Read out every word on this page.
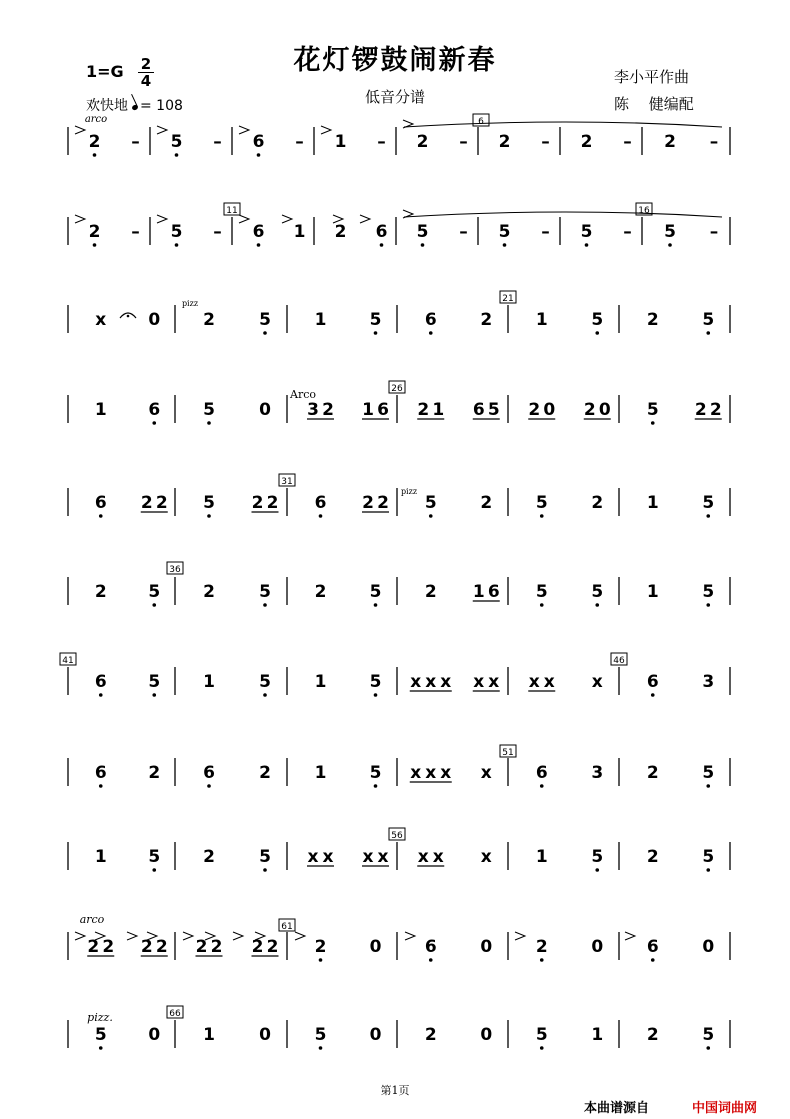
花灯锣鼓闹新春
低音分谱
$1=G \frac{2}{4}$
欢快地 = 108
李小平作曲
陈　 健编配
2 – 5 – 6 – 1 – 2 – 2 – 2 – 2 –
2 – 5 – 6 1 2 6 5 – 5 – 5 – 5 –
x 0	2	5	1	5	6	2	1	5	2	5
1 6	5	0 3 2 1 6 2 1 6 5 2 0 2 0 5 2 2
6 2 2 5 2 2 6 2 2 5	2	5	2	1	5
2 5	2	5	2	5	2 1 6 5	5	1	5
6 5	1	5	1	5 x x x x x x x x	6	3
6 2	6	2	1	5 x x x x	6	3	2	5
1 5	2	5 x x x x x x x	1	5	2	5
2 2 2 2 2 2 2 2 2	0	6	0	2	0	6	0
5 0	1	0	5	0	2	0	5	1	2	5
6
11	16
21
26
31
36
41	46
51
56
61
66
arco
pizz
Arco
pizz
arco
pizz.
第1页
本曲谱源自	中国词曲网
